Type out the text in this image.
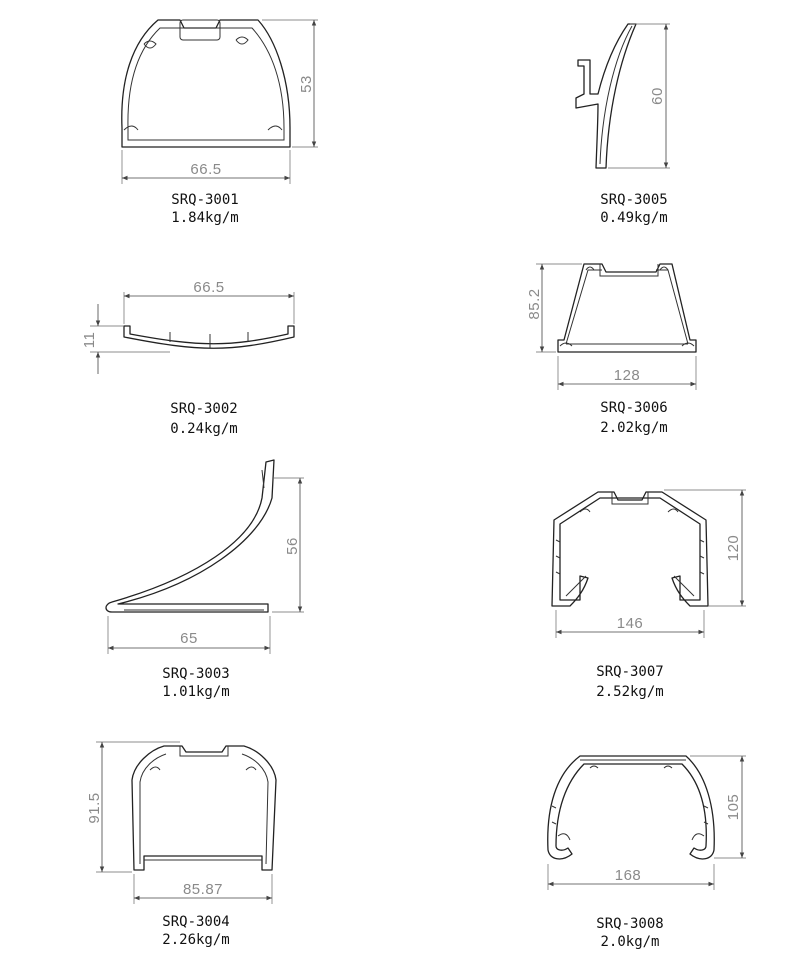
66.5
53
SRQ-3001
1.84kg/m
60
SRQ-3005
0.49kg/m
66.5
11
SRQ-3002
0.24kg/m
128
85.2
SRQ-3006
2.02kg/m
65
56
SRQ-3003
1.01kg/m
146
120
SRQ-3007
2.52kg/m
85.87
91.5
SRQ-3004
2.26kg/m
168
105
SRQ-3008
2.0kg/m
